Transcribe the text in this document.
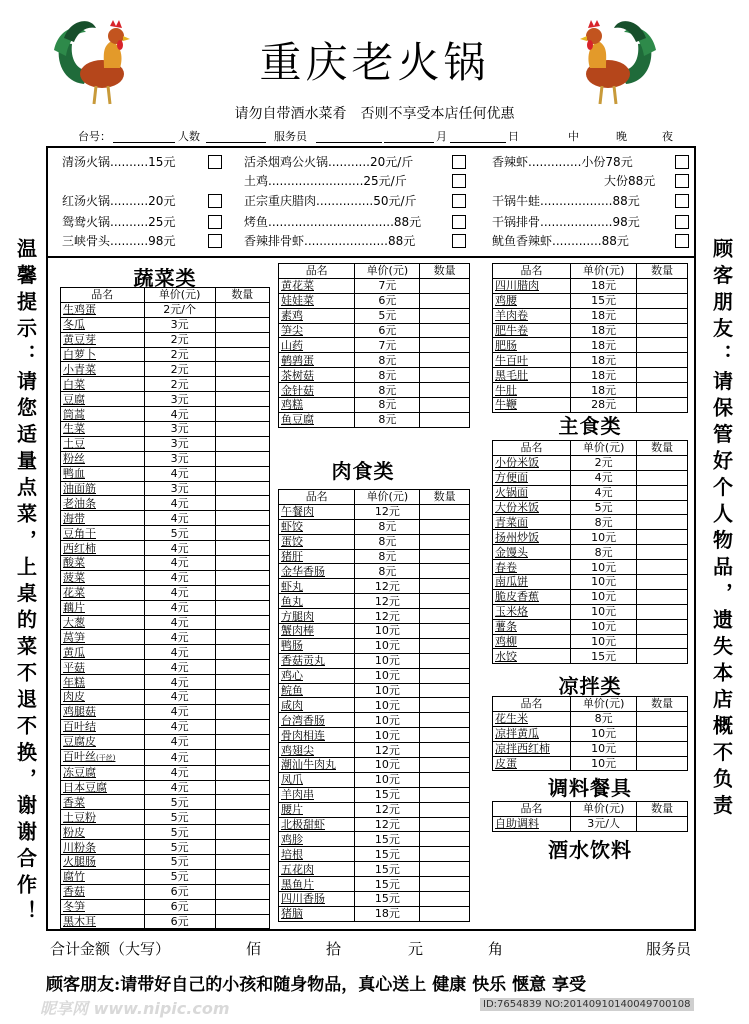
重庆老火锅
请勿自带酒水菜肴　否则不享受本店任何优惠
台号：	人数	服务员	月	日	中	晚	夜
清汤火锅..........15元
红汤火锅..........20元
鸳鸯火锅..........25元
三峡骨头..........98元
活杀烟鸡公火锅...........20元/斤
土鸡.........................25元/斤
正宗重庆腊肉...............50元/斤
烤鱼.................................88元
香辣排骨虾......................88元
香辣虾..............小份78元
大份88元
干锅牛蛙...................88元
干锅排骨...................98元
鱿鱼香辣虾.............88元
温馨提示：请您适量点菜，上桌的菜不退不换，谢谢合作！	顾客朋友：请保管好个人物品，遗失本店概不负责
蔬菜类
肉食类
主食类
凉拌类
调料餐具
酒水饮料
品名	单价(元)	数量
生鸡蛋	2元/个	
冬瓜	3元	
黄豆芽	2元	
白萝卜	2元	
小青菜	2元	
白菜	2元	
豆腐	3元	
筒蒿	4元	
生菜	3元	
土豆	3元	
粉丝	3元	
鸭血	4元	
油面筋	3元	
老油条	4元	
海带	4元	
豆角干	5元	
西红柿	4元	
酸菜	4元	
菠菜	4元	
花菜	4元	
藕片	4元	
大葱	4元	
莴笋	4元	
黄瓜	4元	
平菇	4元	
年糕	4元	
肉皮	4元	
鸡腿菇	4元	
百叶结	4元	
豆腐皮	4元	
百叶丝(干丝)	4元	
冻豆腐	4元	
日本豆腐	4元	
香菜	5元	
土豆粉	5元	
粉皮	5元	
川粉条	5元	
火腿肠	5元	
腐竹	5元	
香菇	6元	
冬笋	6元	
黑木耳	6元	
品名	单价(元)	数量
黄花菜	7元	
娃娃菜	6元	
素鸡	5元	
笋尖	6元	
山药	7元	
鹌鹑蛋	8元	
茶树菇	8元	
金针菇	8元	
鸡糕	8元	
鱼豆腐	8元	
品名	单价(元)	数量
午餐肉	12元	
虾饺	8元	
蛋饺	8元	
猪肝	8元	
金华香肠	8元	
虾丸	12元	
鱼丸	12元	
方腿肉	12元	
蟹肉棒	10元	
鸭肠	10元	
香菇贡丸	10元	
鸡心	10元	
鲩鱼	10元	
咸肉	10元	
台湾香肠	10元	
骨肉相连	10元	
鸡翅尖	12元	
潮汕牛肉丸	10元	
凤爪	10元	
羊肉串	15元	
腰片	12元	
北极甜虾	12元	
鸡胗	15元	
培根	15元	
五花肉	15元	
黑鱼片	15元	
四川香肠	15元	
猪脑	18元	
品名	单价(元)	数量
四川腊肉	18元	
鸡腰	15元	
羊肉卷	18元	
肥牛卷	18元	
肥肠	18元	
牛百叶	18元	
黑毛肚	18元	
牛肚	18元	
牛鞭	28元	
品名	单价(元)	数量
小份米饭	2元	
方便面	4元	
火锅面	4元	
大份米饭	5元	
青菜面	8元	
扬州炒饭	10元	
金馒头	8元	
春卷	10元	
南瓜饼	10元	
脆皮香蕉	10元	
玉米烙	10元	
薯条	10元	
鸡柳	10元	
水饺	15元	
品名	单价(元)	数量
花生米	8元	
凉拌黄瓜	10元	
凉拌西红柿	10元	
皮蛋	10元	
品名	单价(元)	数量
自助调料	3元/人	
合计金额（大写）	佰	拾	元	角	服务员
顾客朋友:请带好自己的小孩和随身物品，真心送上 健康 快乐 惬意 享受
昵享网 www.nipic.com	ID:7654839 NO:20140910140049700108
